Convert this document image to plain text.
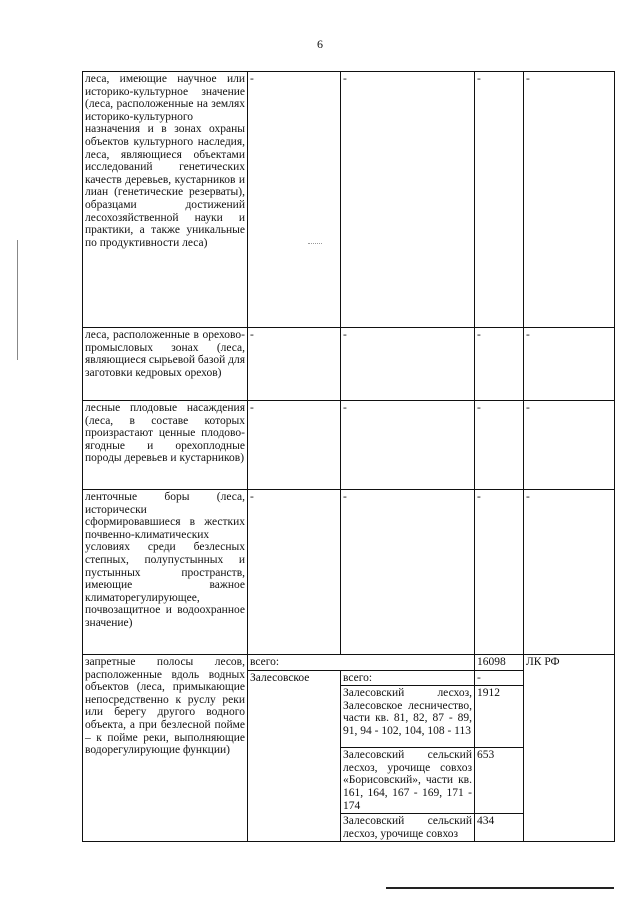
6
леса, имеющие научное или историко-культурное значение (леса, расположенные на землях историко-культурного назначения и в зонах охраны объектов культурного наследия, леса, являющиеся объектами исследований генетических качеств деревьев, кустарников и лиан (генетические резерваты), образцами достижений лесохозяйственной науки и практики, а также уникальные по продуктивности леса)	-	-	-	-
леса, расположенные в орехово-промысловых зонах (леса, являющиеся сырьевой базой для заготовки кедровых орехов)	-	-	-	-
лесные плодовые насаждения (леса, в составе которых произрастают ценные плодово-ягодные и орехоплодные породы деревьев и кустарников)	-	-	-	-
ленточные боры (леса, исторически сформировавшиеся в жестких почвенно-климатических условиях среди безлесных степных, полупустынных и пустынных пространств, имеющие важное климаторегулирующее, почвозащитное и водоохранное значение)	-	-	-	-
запретные полосы лесов, расположенные вдоль водных объектов (леса, примыкающие непосредственно к руслу реки или берегу другого водного объекта, а при безлесной пойме – к пойме реки, выполняющие водорегулирующие функции)	всего:		16098	ЛК РФ
	Залесовское	всего:	-	
		Залесовский лесхоз, Залесовское лесничество, части кв. 81, 82, 87 - 89, 91, 94 - 102, 104, 108 - 113	1912	
		Залесовский сельский лесхоз, урочище совхоз «Борисовский», части кв. 161, 164, 167 - 169, 171 - 174	653	
		Залесовский сельский лесхоз, урочище совхоз	434	
